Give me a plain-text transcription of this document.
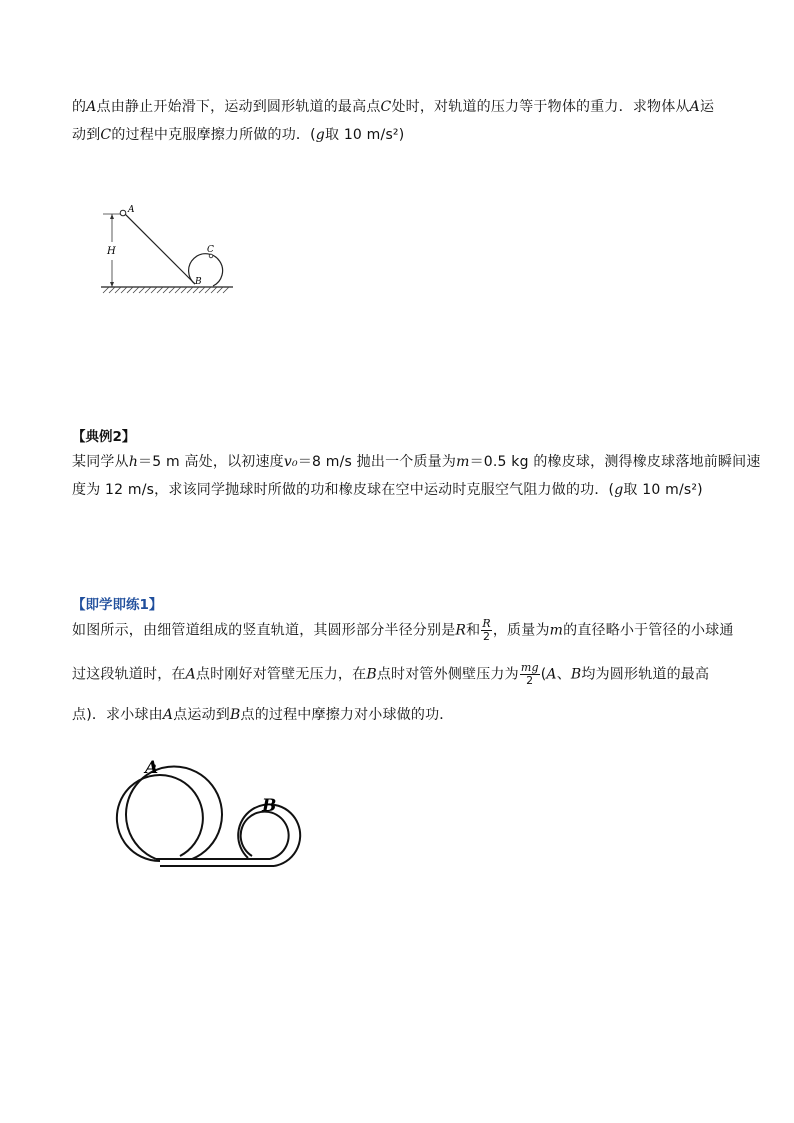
的A点由静止开始滑下，运动到圆形轨道的最高点C处时，对轨道的压力等于物体的重力．求物体从A运
动到C的过程中克服摩擦力所做的功．(g取 10 m/s²)
A
H	C
B
【典例2】
某同学从h＝5 m 高处，以初速度v₀＝8 m/s 抛出一个质量为m＝0.5 kg 的橡皮球，测得橡皮球落地前瞬间速
度为 12 m/s，求该同学抛球时所做的功和橡皮球在空中运动时克服空气阻力做的功．(g取 10 m/s²)
【即学即练1】
如图所示，由细管道组成的竖直轨道，其圆形部分半径分别是R和 $\frac{R}{2}$ ，质量为m的直径略小于管径的小球通
过这段轨道时，在A点时刚好对管壁无压力，在B点时对管外侧壁压力为 $\frac{mg}{2} (A$、B均为圆形轨道的最高
点)．求小球由A点运动到B点的过程中摩擦力对小球做的功．
A
B
